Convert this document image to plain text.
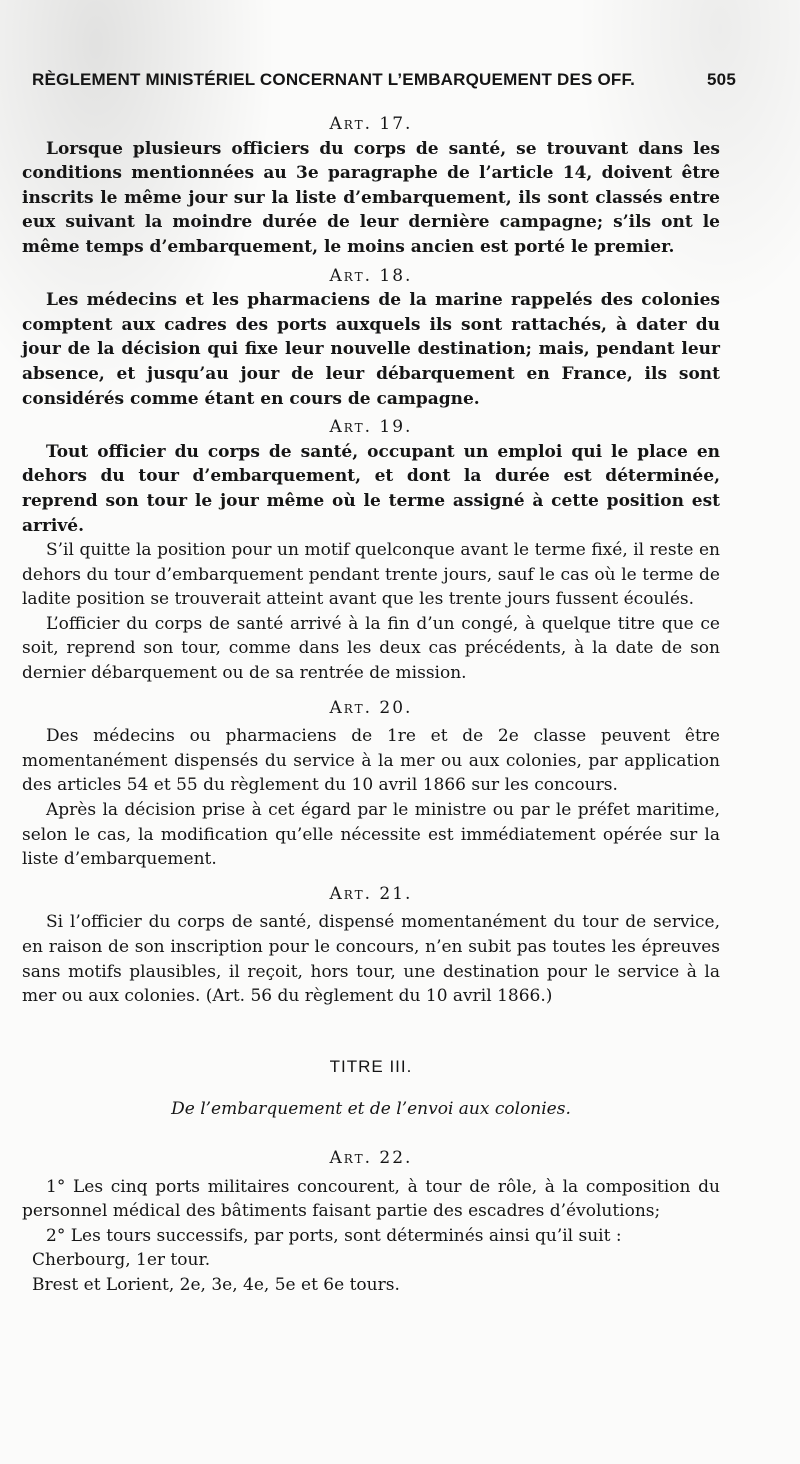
RÈGLEMENT MINISTÉRIEL CONCERNANT L’EMBARQUEMENT DES OFF.	505
Art. 17.

Lorsque plusieurs officiers du corps de santé, se trouvant dans les conditions mentionnées au 3e paragraphe de l’article 14, doivent être inscrits le même jour sur la liste d’embarquement, ils sont classés entre eux suivant la moindre durée de leur dernière campagne; s’ils ont le même temps d’embarquement, le moins ancien est porté le premier.

Art. 18.

Les médecins et les pharmaciens de la marine rappelés des colonies comptent aux cadres des ports auxquels ils sont rattachés, à dater du jour de la décision qui fixe leur nouvelle destination; mais, pendant leur absence, et jusqu’au jour de leur débarquement en France, ils sont considérés comme étant en cours de campagne.

Art. 19.

Tout officier du corps de santé, occupant un emploi qui le place en dehors du tour d’embarquement, et dont la durée est déterminée, reprend son tour le jour même où le terme assigné à cette position est arrivé.

S’il quitte la position pour un motif quelconque avant le terme fixé, il reste en dehors du tour d’embarquement pendant trente jours, sauf le cas où le terme de ladite position se trouverait atteint avant que les trente jours fussent écoulés.

L’officier du corps de santé arrivé à la fin d’un congé, à quelque titre que ce soit, reprend son tour, comme dans les deux cas précédents, à la date de son dernier débarquement ou de sa rentrée de mission.

Art. 20.

Des médecins ou pharmaciens de 1re et de 2e classe peuvent être momentanément dispensés du service à la mer ou aux colonies, par application des articles 54 et 55 du règlement du 10 avril 1866 sur les concours.

Après la décision prise à cet égard par le ministre ou par le préfet maritime, selon le cas, la modification qu’elle nécessite est immédiatement opérée sur la liste d’embarquement.

Art. 21.

Si l’officier du corps de santé, dispensé momentanément du tour de service, en raison de son inscription pour le concours, n’en subit pas toutes les épreuves sans motifs plausibles, il reçoit, hors tour, une destination pour le service à la mer ou aux colonies. (Art. 56 du règlement du 10 avril 1866.)

TITRE III.
De l’embarquement et de l’envoi aux colonies.
Art. 22.

1° Les cinq ports militaires concourent, à tour de rôle, à la composition du personnel médical des bâtiments faisant partie des escadres d’évolutions;

2° Les tours successifs, par ports, sont déterminés ainsi qu’il suit :

Cherbourg, 1er tour.
Brest et Lorient, 2e, 3e, 4e, 5e et 6e tours.
